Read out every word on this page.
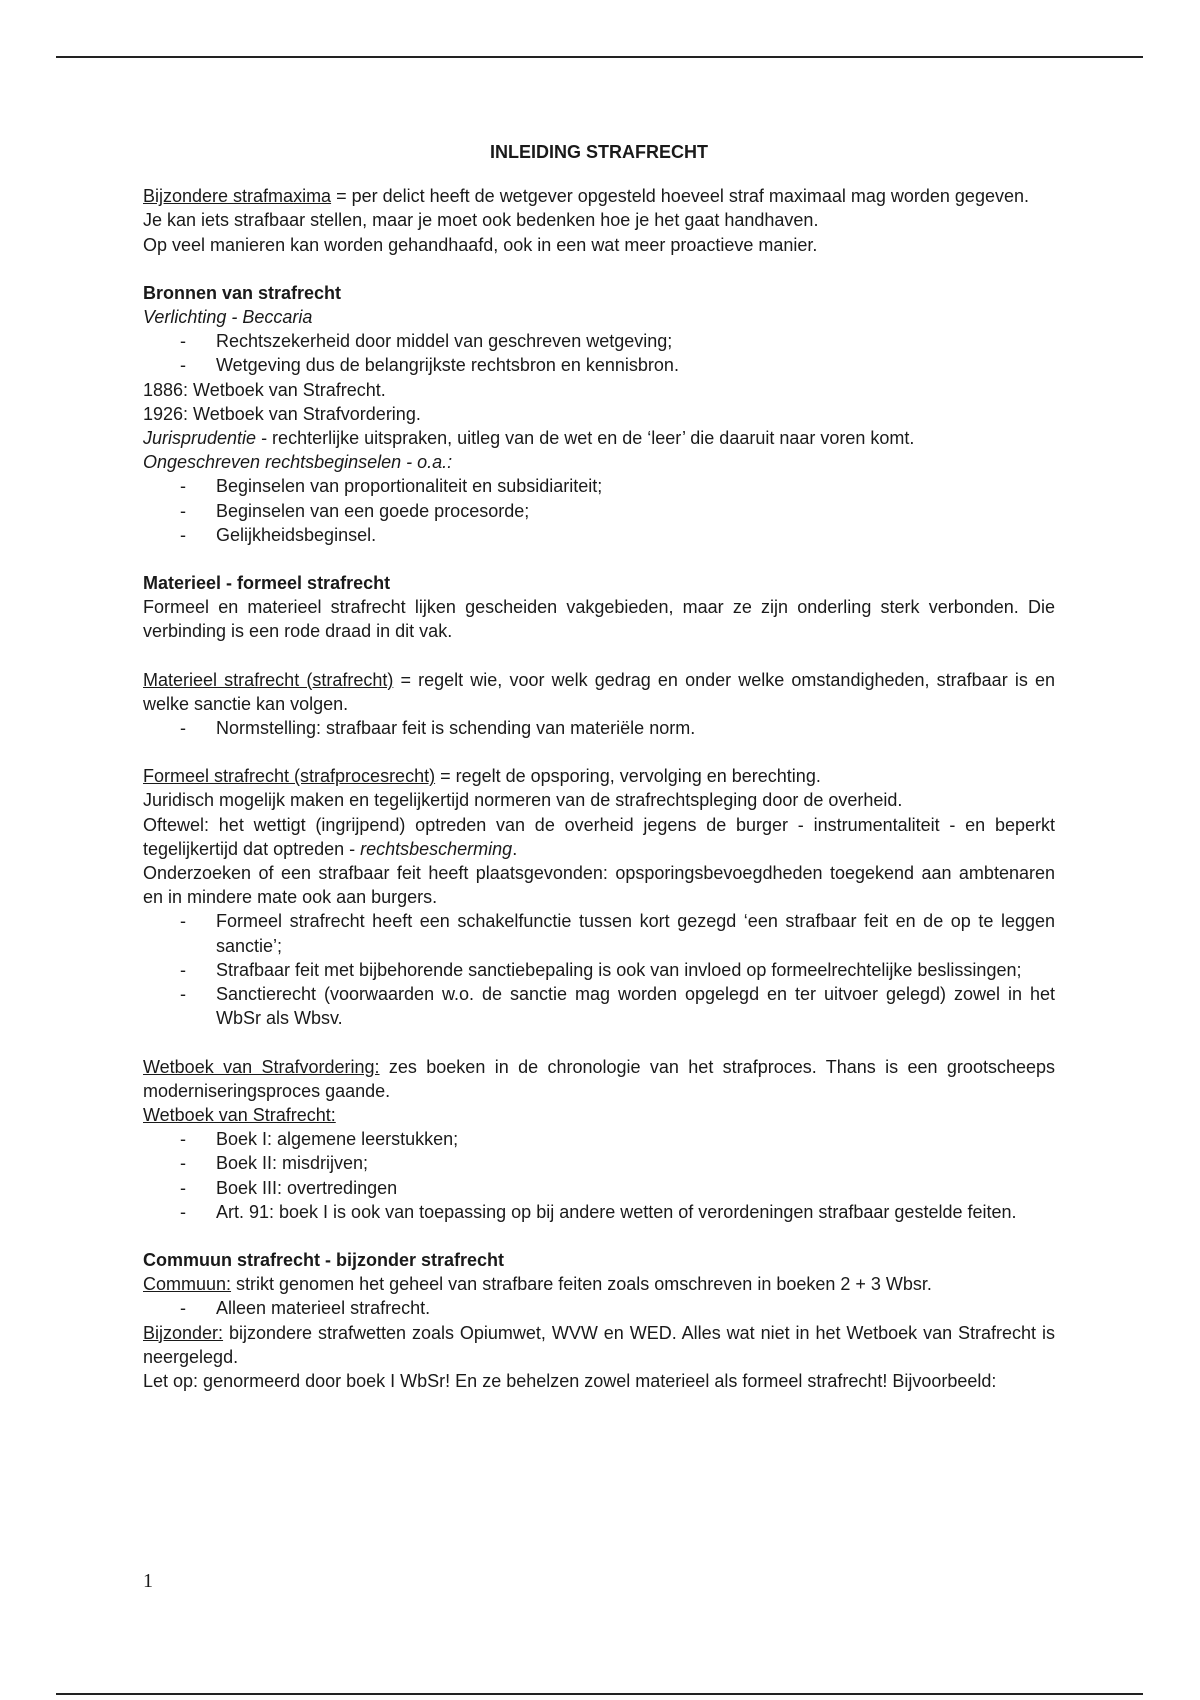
INLEIDING STRAFRECHT

Bijzondere strafmaxima = per delict heeft de wetgever opgesteld hoeveel straf maximaal mag worden gegeven.

Je kan iets strafbaar stellen, maar je moet ook bedenken hoe je het gaat handhaven.

Op veel manieren kan worden gehandhaafd, ook in een wat meer proactieve manier.

Bronnen van strafrecht

Verlichting - Beccaria

- Rechtszekerheid door middel van geschreven wetgeving;
- Wetgeving dus de belangrijkste rechtsbron en kennisbron.

1886: Wetboek van Strafrecht.

1926: Wetboek van Strafvordering.

Jurisprudentie - rechterlijke uitspraken, uitleg van de wet en de ‘leer’ die daaruit naar voren komt.

Ongeschreven rechtsbeginselen - o.a.:

- Beginselen van proportionaliteit en subsidiariteit;
- Beginselen van een goede procesorde;
- Gelijkheidsbeginsel.

Materieel - formeel strafrecht

Formeel en materieel strafrecht lijken gescheiden vakgebieden, maar ze zijn onderling sterk verbonden. Die verbinding is een rode draad in dit vak.

Materieel strafrecht (strafrecht) = regelt wie, voor welk gedrag en onder welke omstandigheden, strafbaar is en welke sanctie kan volgen.

- Normstelling: strafbaar feit is schending van materiële norm.

Formeel strafrecht (strafprocesrecht) = regelt de opsporing, vervolging en berechting.

Juridisch mogelijk maken en tegelijkertijd normeren van de strafrechtspleging door de overheid.

Oftewel: het wettigt (ingrijpend) optreden van de overheid jegens de burger - instrumentaliteit - en beperkt tegelijkertijd dat optreden - rechtsbescherming.

Onderzoeken of een strafbaar feit heeft plaatsgevonden: opsporingsbevoegdheden toegekend aan ambtenaren en in mindere mate ook aan burgers.

- Formeel strafrecht heeft een schakelfunctie tussen kort gezegd ‘een strafbaar feit en de op te leggen sanctie’;
- Strafbaar feit met bijbehorende sanctiebepaling is ook van invloed op formeelrechtelijke beslissingen;
- Sanctierecht (voorwaarden w.o. de sanctie mag worden opgelegd en ter uitvoer gelegd) zowel in het WbSr als Wbsv.

Wetboek van Strafvordering: zes boeken in de chronologie van het strafproces. Thans is een grootscheeps moderniseringsproces gaande.

Wetboek van Strafrecht:

- Boek I: algemene leerstukken;
- Boek II: misdrijven;
- Boek III: overtredingen
- Art. 91: boek I is ook van toepassing op bij andere wetten of verordeningen strafbaar gestelde feiten.

Commuun strafrecht - bijzonder strafrecht

Commuun: strikt genomen het geheel van strafbare feiten zoals omschreven in boeken 2 + 3 Wbsr.

- Alleen materieel strafrecht.

Bijzonder: bijzondere strafwetten zoals Opiumwet, WVW en WED. Alles wat niet in het Wetboek van Strafrecht is neergelegd.

Let op: genormeerd door boek I WbSr! En ze behelzen zowel materieel als formeel strafrecht! Bijvoorbeeld:

1
